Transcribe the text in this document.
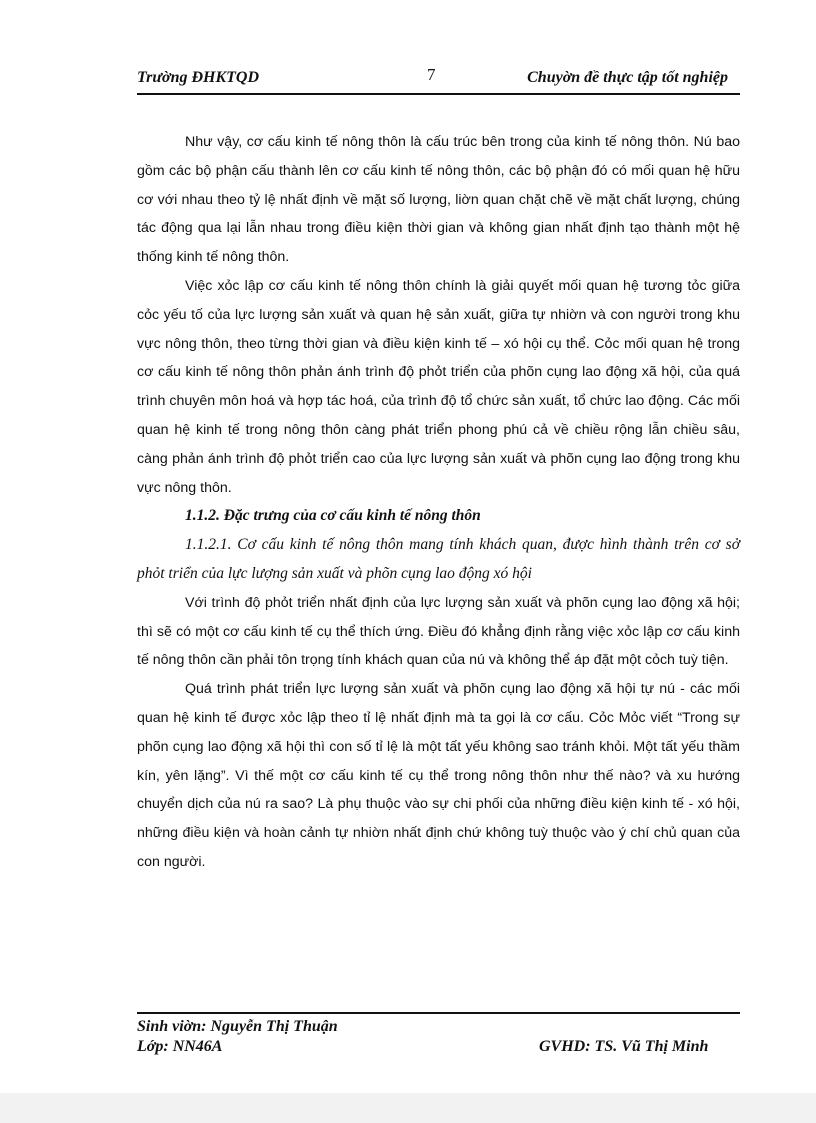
Trường ĐHKTQD	7	Chuyờn đề thực tập tốt nghiệp

Như vậy, cơ cấu kinh tế nông thôn là cấu trúc bên trong của kinh tế nông thôn. Nú bao gồm các bộ phận cấu thành lên cơ cấu kinh tế nông thôn, các bộ phận đó có mối quan hệ hữu cơ với nhau theo tỷ lệ nhất định về mặt số lượng, liờn quan chặt chẽ về mặt chất lượng, chúng tác động qua lại lẫn nhau trong điều kiện thời gian và không gian nhất định tạo thành một hệ thống kinh tế nông thôn.

Việc xỏc lập cơ cấu kinh tế nông thôn chính là giải quyết mối quan hệ tương tỏc giữa cỏc yếu tố của lực lượng sản xuất và quan hệ sản xuất, giữa tự nhiờn và con người trong khu vực nông thôn, theo từng thời gian và điều kiện kinh tế – xó hội cụ thể. Cỏc mối quan hệ trong cơ cấu kinh tế nông thôn phản ánh trình độ phỏt triển của phõn cụng lao động xã hội, của quá trình chuyên môn hoá và hợp tác hoá, của trình độ tổ chức sản xuất, tổ chức lao động. Các mối quan hệ kinh tế trong nông thôn càng phát triển phong phú cả về chiều rộng lẫn chiều sâu, càng phản ánh trình độ phỏt triển cao của lực lượng sản xuất và phõn cụng lao động trong khu vực nông thôn.

1.1.2. Đặc trưng của cơ cấu kinh tế nông thôn

1.1.2.1. Cơ cấu kinh tế nông thôn mang tính khách quan, được hình thành trên cơ sở phỏt triển của lực lượng sản xuất và phõn cụng lao động xó hội

Với trình độ phỏt triển nhất định của lực lượng sản xuất và phõn cụng lao động xã hội; thì sẽ có một cơ cấu kinh tế cụ thể thích ứng. Điều đó khẳng định rằng việc xỏc lập cơ cấu kinh tế nông thôn cần phải tôn trọng tính khách quan của nú và không thể áp đặt một cỏch tuỳ tiện.

Quá trình phát triển lực lượng sản xuất và phõn cụng lao động xã hội tự nú - các mối quan hệ kinh tế được xỏc lập theo tỉ lệ nhất định mà ta gọi là cơ cấu. Cỏc Mỏc viết “Trong sự phõn cụng lao động xã hội thì con số tỉ lệ là một tất yếu không sao tránh khỏi. Một tất yếu thầm kín, yên lặng”. Vì thế một cơ cấu kinh tế cụ thể trong nông thôn như thế nào? và xu hướng chuyển dịch của nú ra sao? Là phụ thuộc vào sự chi phối của những điều kiện kinh tế - xó hội, những điều kiện và hoàn cảnh tự nhiờn nhất định chứ không tuỳ thuộc vào ý chí chủ quan của con người.

Sinh viờn: Nguyễn Thị Thuận
Lớp: NN46A	GVHD: TS. Vũ Thị Minh
